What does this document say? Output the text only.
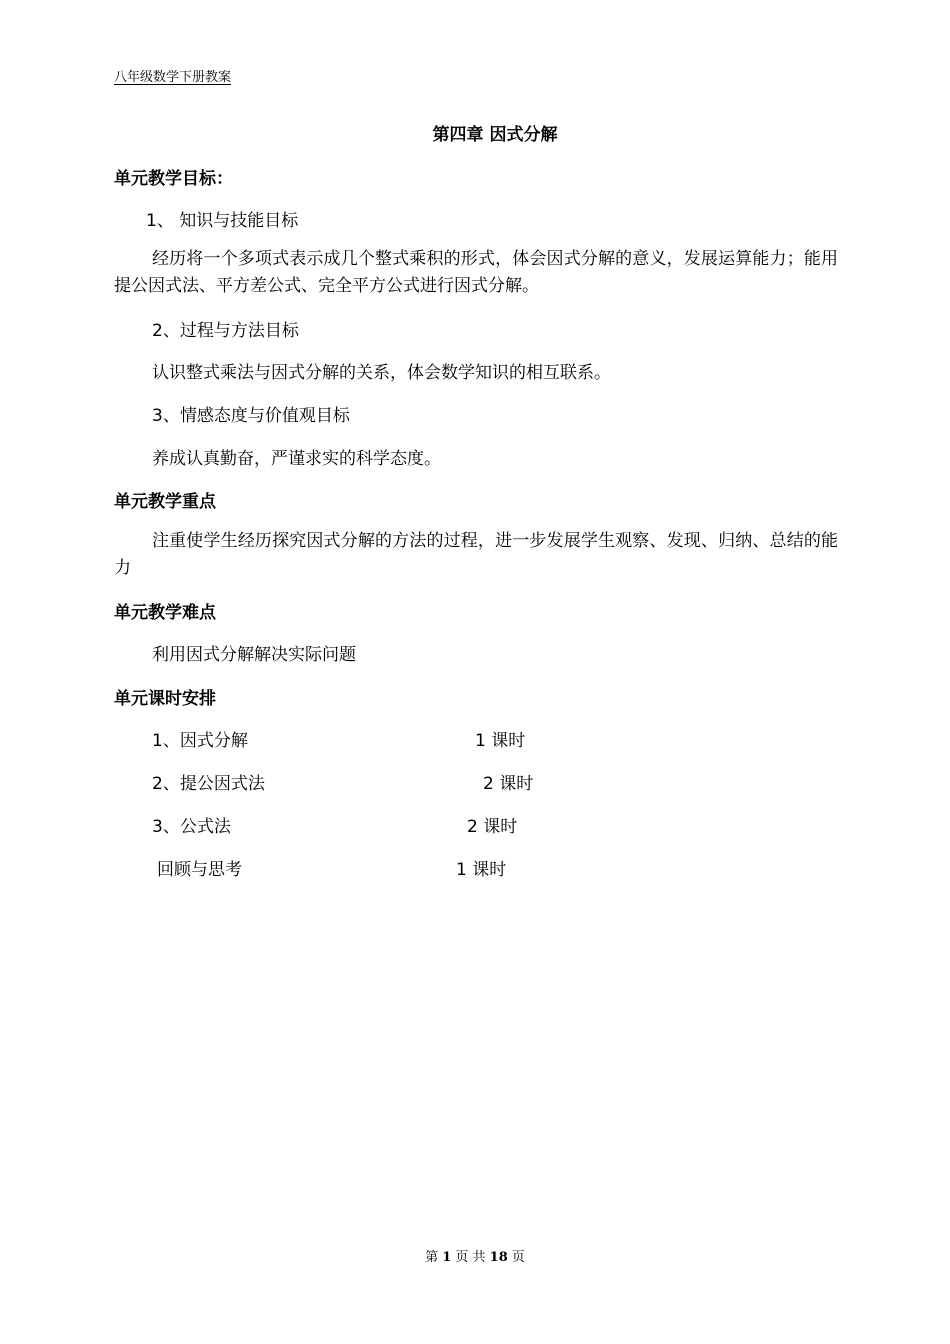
八年级数学下册教案
第四章 因式分解
单元教学目标：
1、 知识与技能目标
经历将一个多项式表示成几个整式乘积的形式，体会因式分解的意义，发展运算能力；能用提公因式法、平方差公式、完全平方公式进行因式分解。
2、过程与方法目标
认识整式乘法与因式分解的关系，体会数学知识的相互联系。
3、情感态度与价值观目标
养成认真勤奋，严谨求实的科学态度。
单元教学重点
注重使学生经历探究因式分解的方法的过程，进一步发展学生观察、发现、归纳、总结的能力
单元教学难点
利用因式分解解决实际问题
单元课时安排
1、因式分解	1 课时
2、提公因式法	2 课时
3、公式法	2 课时
回顾与思考	1 课时
第 1 页 共 18 页
